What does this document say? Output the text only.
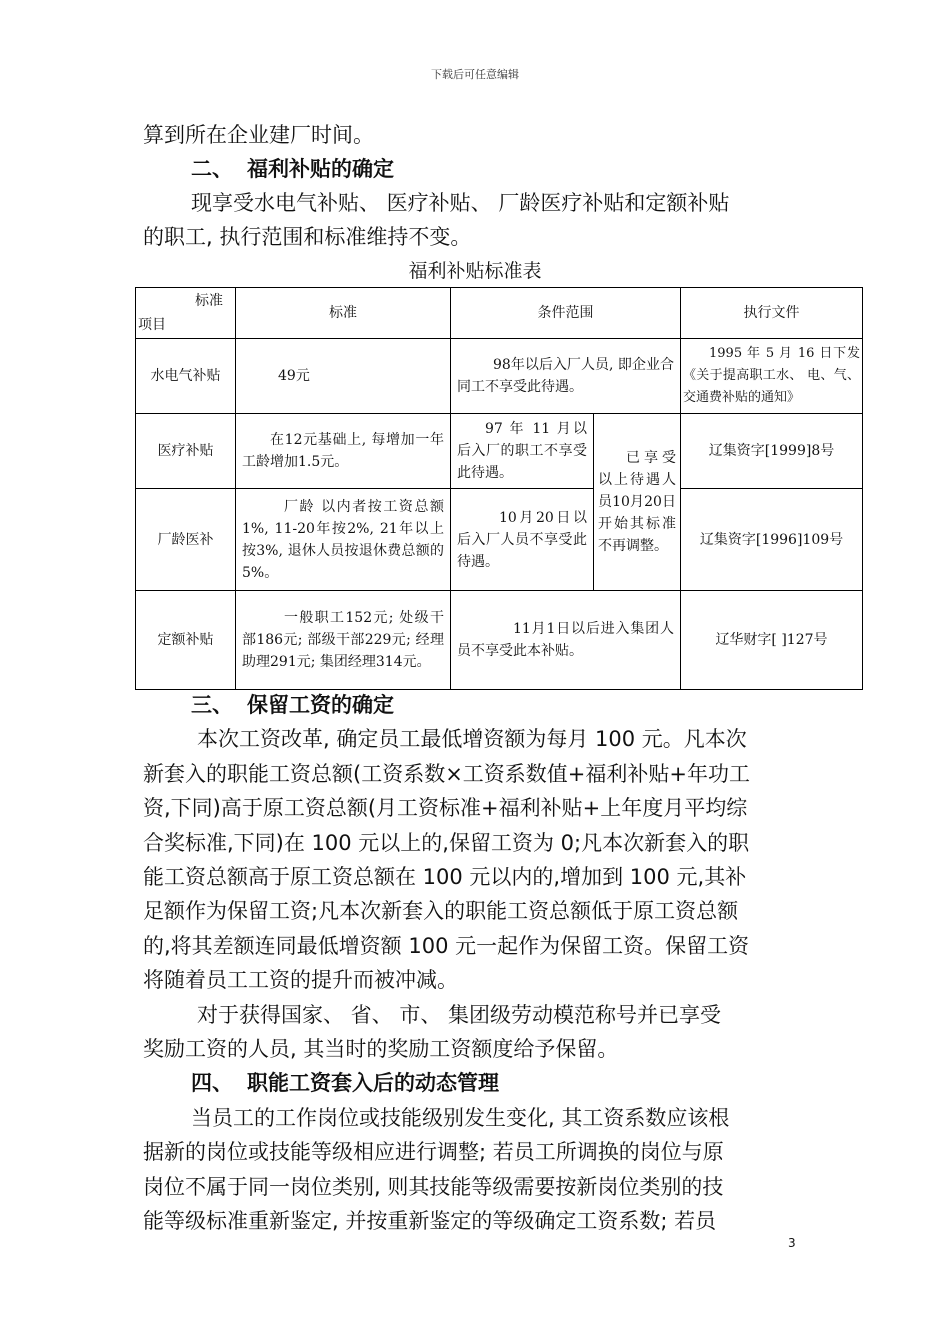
下载后可任意编辑
算到所在企业建厂时间。
二、 福利补贴的确定
现享受水电气补贴、 医疗补贴、 厂龄医疗补贴和定额补贴
的职工, 执行范围和标准维持不变。
福利补贴标准表
标准
项目	标准	条件范围		执行文件
水电气补贴	49元	98年以后入厂人员, 即企业合同工不享受此待遇。		1995 年 5 月 16 日下发《关于提高职工水、 电、气、 交通费补贴的通知》
医疗补贴	在12元基础上, 每增加一年工龄增加1.5元。	97 年 11 月以后入厂的职工不享受此待遇。	已享受以上待遇人员10月20日开始其标准不再调整。	辽集资字[1999]8号
厂龄医补	厂龄 以内者按工资总额1%, 11-20年按2%, 21年以上按3%, 退休人员按退休费总额的5%。	10月20日以后入厂人员不享受此待遇。		辽集资字[1996]109号
定额补贴	一般职工152元; 处级干部186元; 部级干部229元; 经理助理291元; 集团经理314元。	11月1日以后进入集团人员不享受此本补贴。		辽华财字[ ]127号
三、 保留工资的确定
本次工资改革, 确定员工最低增资额为每月 100 元。凡本次
新套入的职能工资总额(工资系数×工资系数值+福利补贴+年功工
资,下同)高于原工资总额(月工资标准+福利补贴+上年度月平均综
合奖标准,下同)在 100 元以上的,保留工资为 0;凡本次新套入的职
能工资总额高于原工资总额在 100 元以内的,增加到 100 元,其补
足额作为保留工资;凡本次新套入的职能工资总额低于原工资总额
的,将其差额连同最低增资额 100 元一起作为保留工资。保留工资
将随着员工工资的提升而被冲减。
对于获得国家、 省、 市、 集团级劳动模范称号并已享受
奖励工资的人员, 其当时的奖励工资额度给予保留。
四、 职能工资套入后的动态管理
当员工的工作岗位或技能级别发生变化, 其工资系数应该根
据新的岗位或技能等级相应进行调整; 若员工所调换的岗位与原
岗位不属于同一岗位类别, 则其技能等级需要按新岗位类别的技
能等级标准重新鉴定, 并按重新鉴定的等级确定工资系数; 若员
3
